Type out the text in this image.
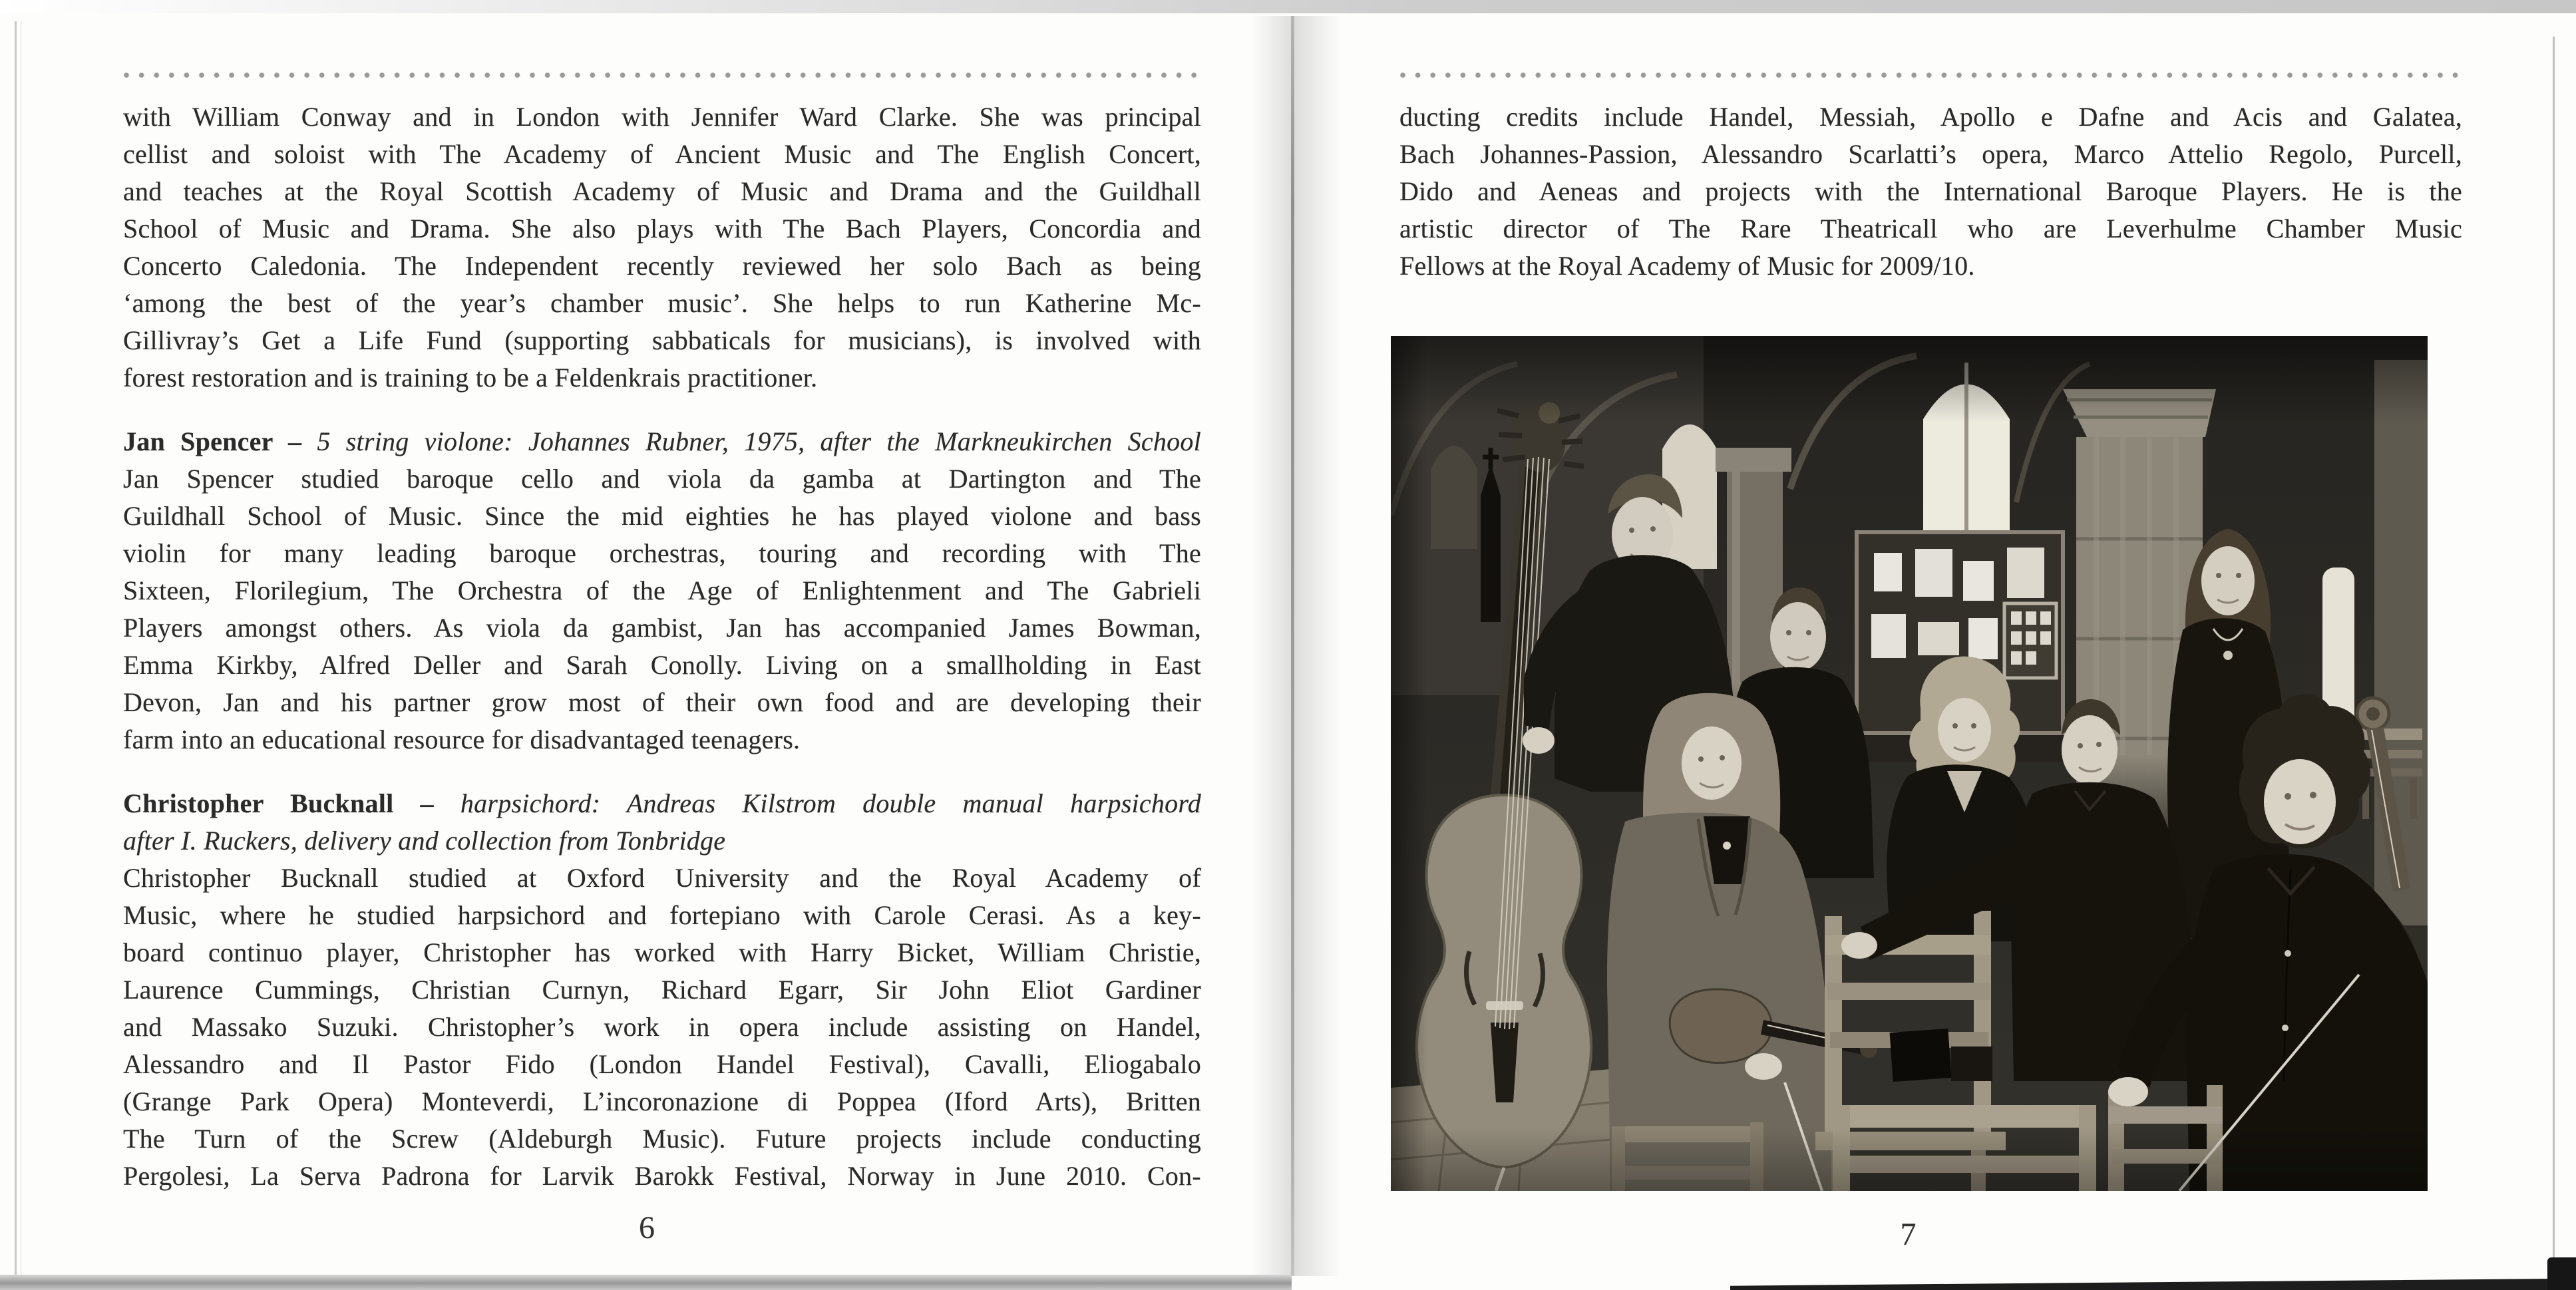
with William Conway and in London with Jennifer Ward Clarke. She was principal
cellist and soloist with The Academy of Ancient Music and The English Concert,
and teaches at the Royal Scottish Academy of Music and Drama and the Guildhall
School of Music and Drama. She also plays with The Bach Players, Concordia and
Concerto Caledonia. The Independent recently reviewed her solo Bach as being
‘among the best of the year’s chamber music’. She helps to run Katherine Mc-
Gillivray’s Get a Life Fund (supporting sabbaticals for musicians), is involved with
forest restoration and is training to be a Feldenkrais practitioner.
Jan Spencer – 5 string violone: Johannes Rubner, 1975, after the Markneukirchen School
Jan Spencer studied baroque cello and viola da gamba at Dartington and The
Guildhall School of Music. Since the mid eighties he has played violone and bass
violin for many leading baroque orchestras, touring and recording with The
Sixteen, Florilegium, The Orchestra of the Age of Enlightenment and The Gabrieli
Players amongst others. As viola da gambist, Jan has accompanied James Bowman,
Emma Kirkby, Alfred Deller and Sarah Conolly. Living on a smallholding in East
Devon, Jan and his partner grow most of their own food and are developing their
farm into an educational resource for disadvantaged teenagers.
Christopher Bucknall – harpsichord: Andreas Kilstrom double manual harpsichord
after I. Ruckers, delivery and collection from Tonbridge
Christopher Bucknall studied at Oxford University and the Royal Academy of
Music, where he studied harpsichord and fortepiano with Carole Cerasi. As a key-
board continuo player, Christopher has worked with Harry Bicket, William Christie,
Laurence Cummings, Christian Curnyn, Richard Egarr, Sir John Eliot Gardiner
and Massako Suzuki. Christopher’s work in opera include assisting on Handel,
Alessandro and Il Pastor Fido (London Handel Festival), Cavalli, Eliogabalo
(Grange Park Opera) Monteverdi, L’incoronazione di Poppea (Iford Arts), Britten
The Turn of the Screw (Aldeburgh Music). Future projects include conducting
Pergolesi, La Serva Padrona for Larvik Barokk Festival, Norway in June 2010. Con-
6
ducting credits include Handel, Messiah, Apollo e Dafne and Acis and Galatea,
Bach Johannes-Passion, Alessandro Scarlatti’s opera, Marco Attelio Regolo, Purcell,
Dido and Aeneas and projects with the International Baroque Players. He is the
artistic director of The Rare Theatricall who are Leverhulme Chamber Music
Fellows at the Royal Academy of Music for 2009/10.
7
